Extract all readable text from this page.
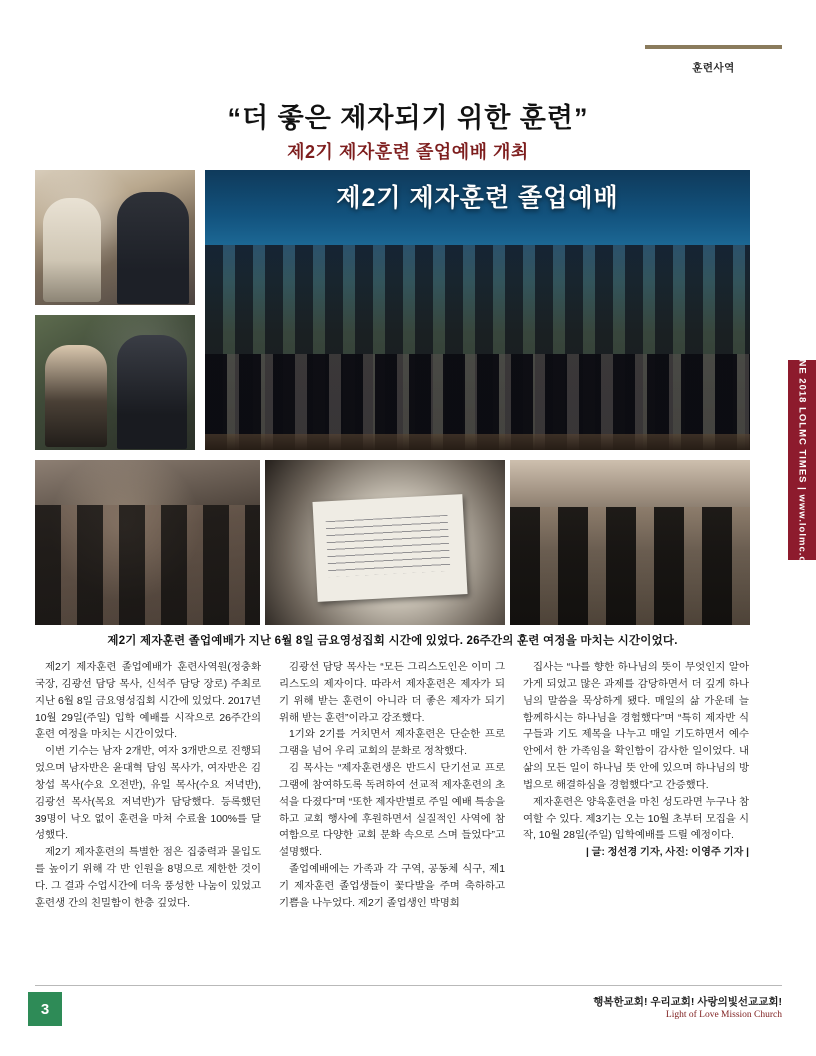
훈련사역
“더 좋은 제자되기 위한 훈련”
제2기 제자훈련 졸업예배 개최
제2기 제자훈련 졸업예배
제2기 제자훈련 졸업예배가 지난 6월 8일 금요영성집회 시간에 있었다. 26주간의 훈련 여정을 마치는 시간이었다.

제2기 제자훈련 졸업예배가 훈련사역원(정충화 국장, 김광선 담당 목사, 신석주 담당 장로) 주최로 지난 6월 8일 금요영성집회 시간에 있었다. 2017년 10월 29일(주일) 입학 예배를 시작으로 26주간의 훈련 여정을 마치는 시간이었다.

이번 기수는 남자 2개반, 여자 3개반으로 진행되었으며 남자반은 윤대혁 담임 목사가, 여자반은 김창섭 목사(수요 오전반), 유일 목사(수요 저녁반), 김광선 목사(목요 저녁반)가 담당했다. 등록했던 39명이 낙오 없이 훈련을 마쳐 수료율 100%를 달성했다.

제2기 제자훈련의 특별한 점은 집중력과 몰입도를 높이기 위해 각 반 인원을 8명으로 제한한 것이다. 그 결과 수업시간에 더욱 풍성한 나눔이 있었고 훈련생 간의 친밀함이 한층 깊었다.

김광선 담당 목사는 “모든 그리스도인은 이미 그리스도의 제자이다. 따라서 제자훈련은 제자가 되기 위해 받는 훈련이 아니라 더 좋은 제자가 되기 위해 받는 훈련”이라고 강조했다.

1기와 2기를 거치면서 제자훈련은 단순한 프로그램을 넘어 우리 교회의 문화로 정착했다.

김 목사는 “제자훈련생은 반드시 단기선교 프로그램에 참여하도록 독려하여 선교적 제자훈련의 초석을 다졌다”며 “또한 제자반별로 주일 예배 특송을 하고 교회 행사에 후원하면서 실질적인 사역에 참여함으로 다양한 교회 문화 속으로 스며 들었다”고 설명했다.

졸업예배에는 가족과 각 구역, 공동체 식구, 제1기 제자훈련 졸업생들이 꽃다발을 주며 축하하고 기쁨을 나누었다. 제2기 졸업생인 박명희

집사는 “나를 향한 하나님의 뜻이 무엇인지 알아가게 되었고 많은 과제를 감당하면서 더 깊게 하나님의 말씀을 묵상하게 됐다. 매일의 삶 가운데 늘 함께하시는 하나님을 경험했다”며 “특히 제자반 식구들과 기도 제목을 나누고 매일 기도하면서 예수 안에서 한 가족임을 확인함이 감사한 일이었다. 내 삶의 모든 일이 하나님 뜻 안에 있으며 하나님의 방법으로 해결하심을 경험했다”고 간증했다.

제자훈련은 양육훈련을 마친 성도라면 누구나 참여할 수 있다. 제3기는 오는 10월 초부터 모집을 시작, 10월 28일(주일) 입학예배를 드릴 예정이다.

| 글: 정선경 기자, 사진: 이영주 기자 |

JUNE 2018 LOLMC TIMES | www.lolmc.org
3	행복한교회! 우리교회! 사랑의빛선교교회!
Light of Love Mission Church
